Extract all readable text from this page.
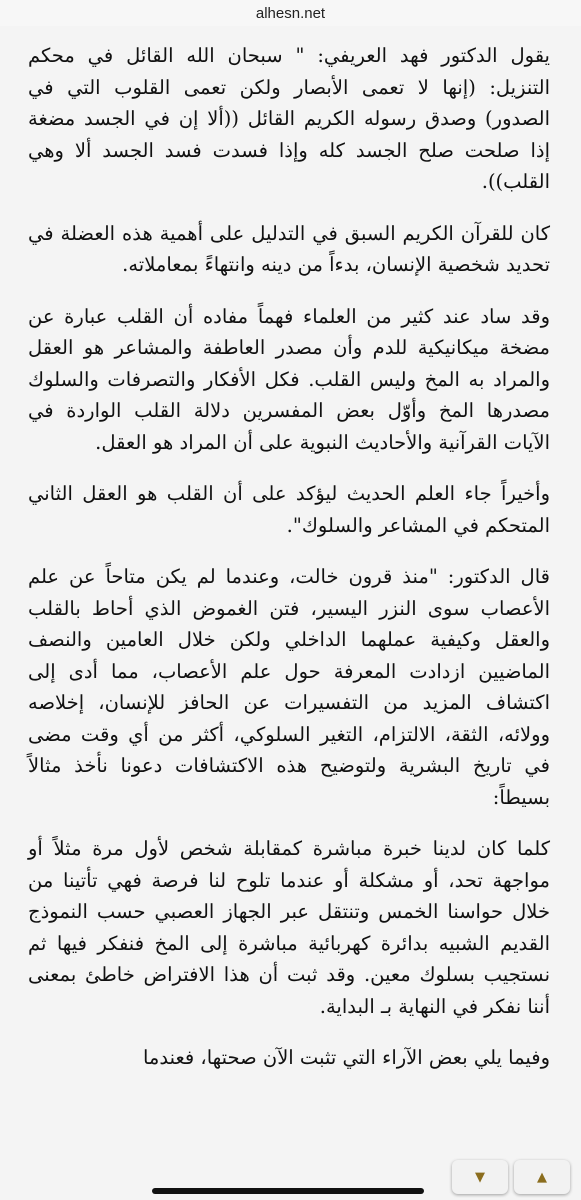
alhesn.net

يقول الدكتور فهد العريفي: " سبحان الله القائل في محكم التنزيل: (إنها لا تعمى الأبصار ولكن تعمى القلوب التي في الصدور) وصدق رسوله الكريم القائل ((ألا إن في الجسد مضغة إذا صلحت صلح الجسد كله وإذا فسدت فسد الجسد ألا وهي القلب)).

كان للقرآن الكريم السبق في التدليل على أهمية هذه العضلة في تحديد شخصية الإنسان، بدءاً من دينه وانتهاءً بمعاملاته.

وقد ساد عند كثير من العلماء فهماً مفاده أن القلب عبارة عن مضخة ميكانيكية للدم وأن مصدر العاطفة والمشاعر هو العقل والمراد به المخ وليس القلب. فكل الأفكار والتصرفات والسلوك مصدرها المخ وأوّل بعض المفسرين دلالة القلب الواردة في الآيات القرآنية والأحاديث النبوية على أن المراد هو العقل.

وأخيراً جاء العلم الحديث ليؤكد على أن القلب هو العقل الثاني المتحكم في المشاعر والسلوك".

قال الدكتور: "منذ قرون خالت، وعندما لم يكن متاحاً عن علم الأعصاب سوى النزر اليسير، فتن الغموض الذي أحاط بالقلب والعقل وكيفية عملهما الداخلي ولكن خلال العامين والنصف الماضيين ازدادت المعرفة حول علم الأعصاب، مما أدى إلى اكتشاف المزيد من التفسيرات عن الحافز للإنسان، إخلاصه وولائه، الثقة، الالتزام، التغير السلوكي، أكثر من أي وقت مضى في تاريخ البشرية ولتوضيح هذه الاكتشافات دعونا نأخذ مثالاً بسيطاً:

كلما كان لدينا خبرة مباشرة كمقابلة شخص لأول مرة مثلاً أو مواجهة تحد، أو مشكلة أو عندما تلوح لنا فرصة فهي تأتينا من خلال حواسنا الخمس وتنتقل عبر الجهاز العصبي حسب النموذج القديم الشبيه بدائرة كهربائية مباشرة إلى المخ فنفكر فيها ثم نستجيب بسلوك معين. وقد ثبت أن هذا الافتراض خاطئ بمعنى أننا نفكر في النهاية بـ البداية.

وفيما يلي بعض الآراء التي تثبت الآن صحتها، فعندما

▼	▲
